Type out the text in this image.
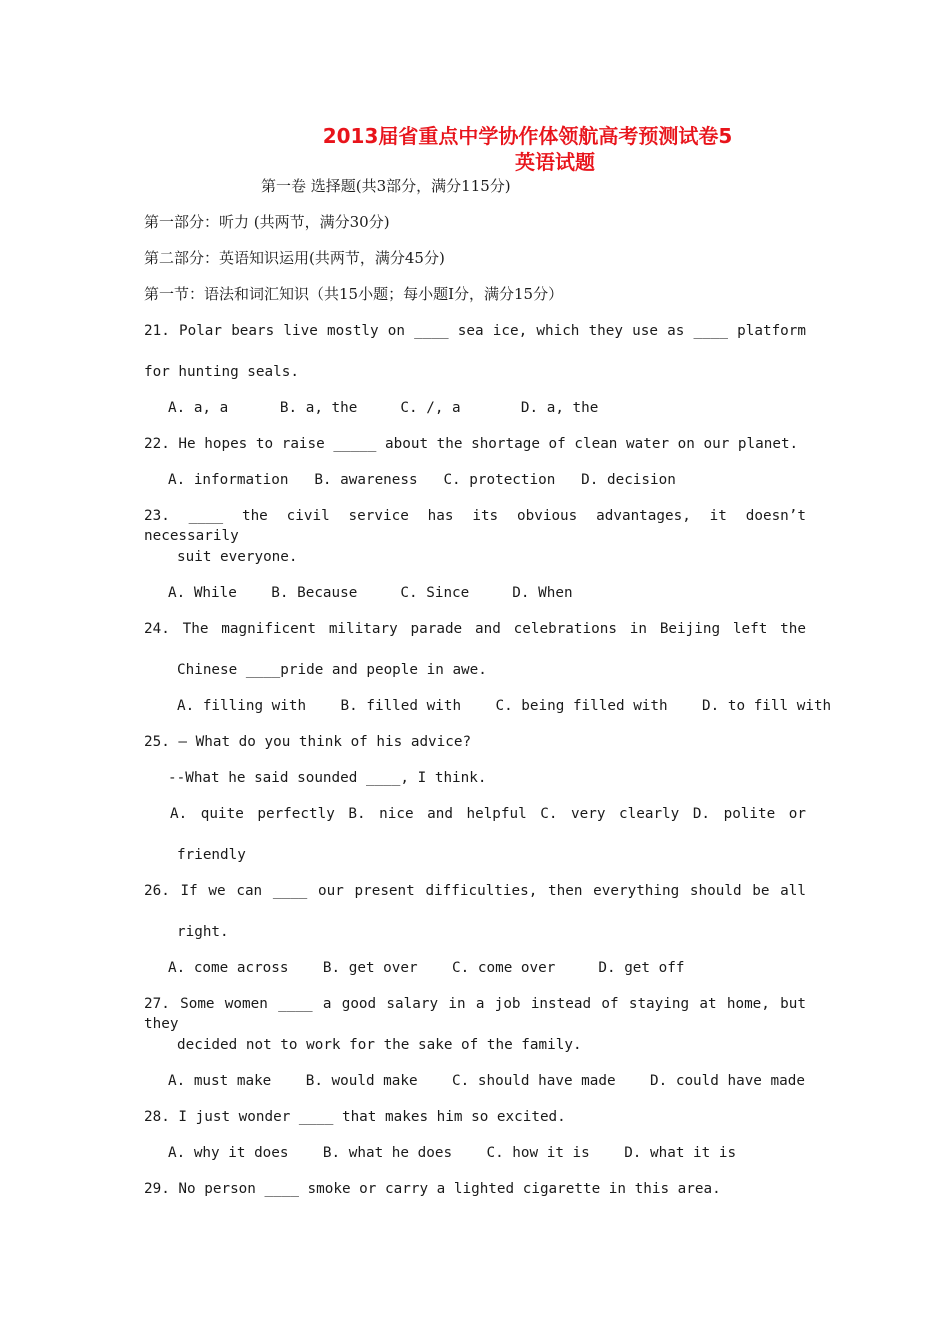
2013届省重点中学协作体领航高考预测试卷5
英语试题

第一卷 选择题(共3部分，满分115分)

第一部分：听力 (共两节，满分30分)

第二部分：英语知识运用(共两节，满分45分)

第一节：语法和词汇知识（共15小题；每小题I分，满分15分）

21. Polar bears live mostly on ____ sea ice, which they use as ____ platform

for hunting seals.

A. a, a      B. a, the     C. /, a       D. a, the

22. He hopes to raise _____ about the shortage of clean water on our planet.

A. information   B. awareness   C. protection   D. decision

23. ____ the civil service has its obvious advantages, it doesn’t necessarily

suit everyone.

A. While    B. Because     C. Since     D. When

24. The magnificent military parade and celebrations in Beijing left the

Chinese ____pride and people in awe.

A. filling with    B. filled with    C. being filled with    D. to fill with

25. – What do you think of his advice?

--What he said sounded ____, I think.

A. quite perfectly B. nice and helpful C. very clearly D. polite or

friendly

26. If we can ____ our present difficulties, then everything should be all

right.

A. come across    B. get over    C. come over     D. get off

27. Some women ____ a good salary in a job instead of staying at home, but they

decided not to work for the sake of the family.

A. must make    B. would make    C. should have made    D. could have made

28. I just wonder ____ that makes him so excited.

A. why it does    B. what he does    C. how it is    D. what it is

29. No person ____ smoke or carry a lighted cigarette in this area.
